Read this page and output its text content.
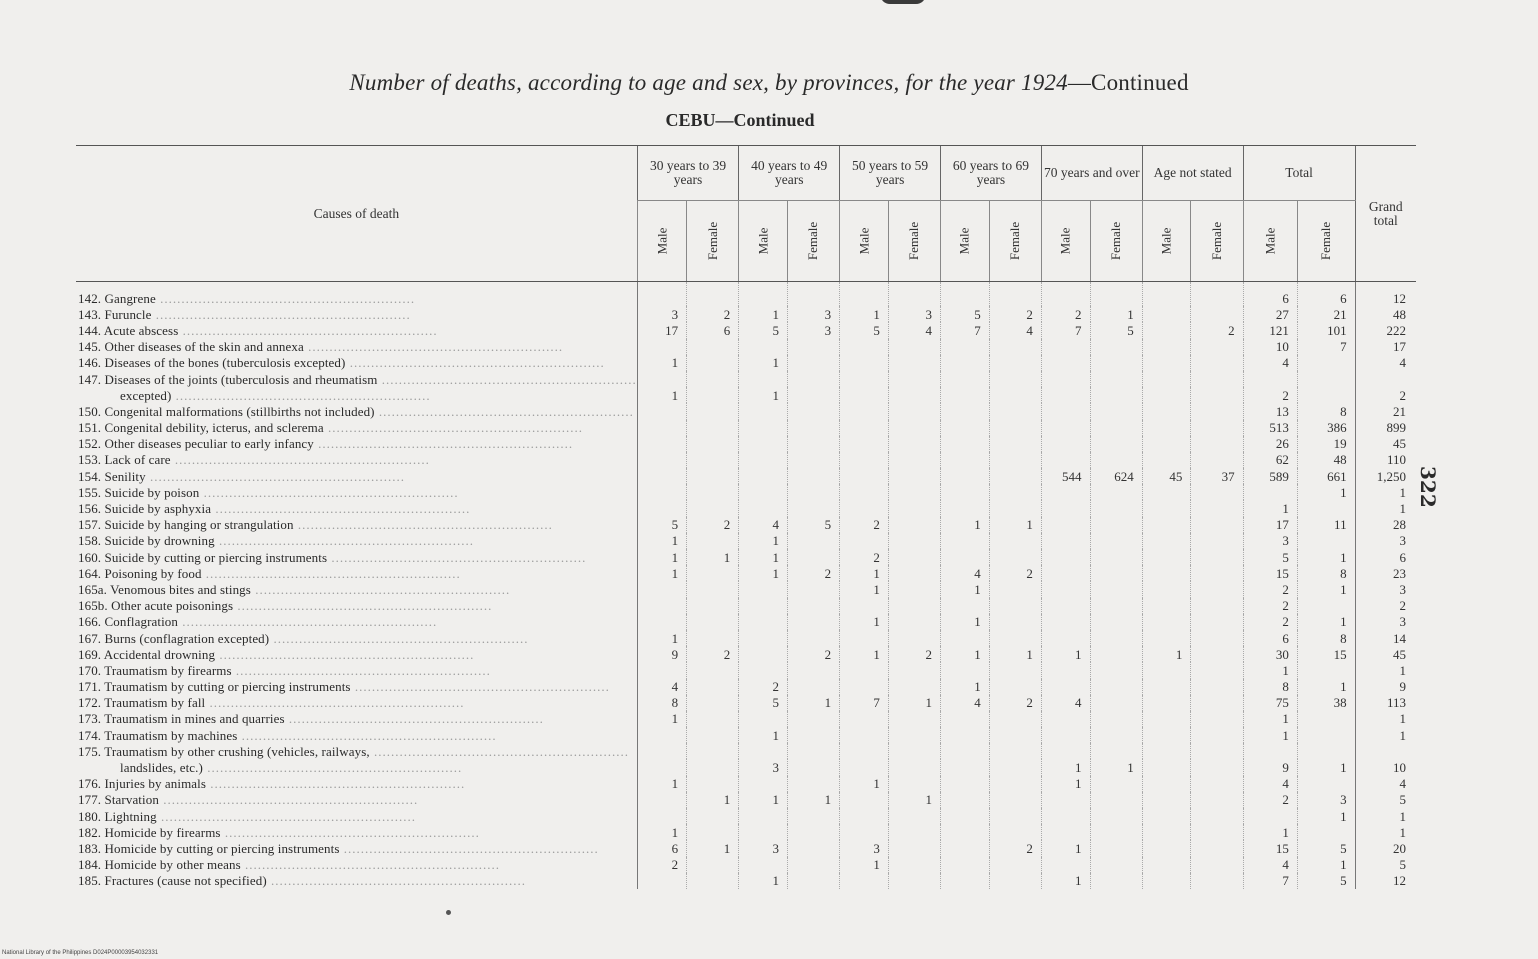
Number of deaths, according to age and sex, by provinces, for the year 1924—Continued
CEBU—Continued
322
Causes of death	30 years to 39 years		40 years to 49 years		50 years to 59 years		60 years to 69 years		70 years and over		Age not stated		Total		Grand total
	Male	Female	Male	Female	Male	Female	Male	Female	Male	Female	Male	Female	Male	Female	
142. Gangrene ............................................................													6	6	12
143. Furuncle ............................................................	3	2	1	3	1	3	5	2	2	1			27	21	48
144. Acute abscess ............................................................	17	6	5	3	5	4	7	4	7	5		2	121	101	222
145. Other diseases of the skin and annexa ............................................................													10	7	17
146. Diseases of the bones (tuberculosis excepted) ............................................................	1		1										4		4
147. Diseases of the joints (tuberculosis and rheumatism ............................................................															
excepted) ............................................................	1		1										2		2
150. Congenital malformations (stillbirths not included) ............................................................													13	8	21
151. Congenital debility, icterus, and sclerema ............................................................													513	386	899
152. Other diseases peculiar to early infancy ............................................................													26	19	45
153. Lack of care ............................................................													62	48	110
154. Senility ............................................................									544	624	45	37	589	661	1,250
155. Suicide by poison ............................................................														1	1
156. Suicide by asphyxia ............................................................													1		1
157. Suicide by hanging or strangulation ............................................................	5	2	4	5	2		1	1					17	11	28
158. Suicide by drowning ............................................................	1		1										3		3
160. Suicide by cutting or piercing instruments ............................................................	1	1	1		2								5	1	6
164. Poisoning by food ............................................................	1		1	2	1		4	2					15	8	23
165a. Venomous bites and stings ............................................................					1		1						2	1	3
165b. Other acute poisonings ............................................................													2		2
166. Conflagration ............................................................					1		1						2	1	3
167. Burns (conflagration excepted) ............................................................	1												6	8	14
169. Accidental drowning ............................................................	9	2		2	1	2	1	1	1		1		30	15	45
170. Traumatism by firearms ............................................................													1		1
171. Traumatism by cutting or piercing instruments ............................................................	4		2				1						8	1	9
172. Traumatism by fall ............................................................	8		5	1	7	1	4	2	4				75	38	113
173. Traumatism in mines and quarries ............................................................	1												1		1
174. Traumatism by machines ............................................................			1										1		1
175. Traumatism by other crushing (vehicles, railways, ............................................................															
landslides, etc.) ............................................................			3						1	1			9	1	10
176. Injuries by animals ............................................................	1				1				1				4		4
177. Starvation ............................................................		1	1	1		1							2	3	5
180. Lightning ............................................................														1	1
182. Homicide by firearms ............................................................	1												1		1
183. Homicide by cutting or piercing instruments ............................................................	6	1	3		3			2	1				15	5	20
184. Homicide by other means ............................................................	2				1								4	1	5
185. Fractures (cause not specified) ............................................................			1						1				7	5	12
National Library of the Philippines D024P00003954032331
